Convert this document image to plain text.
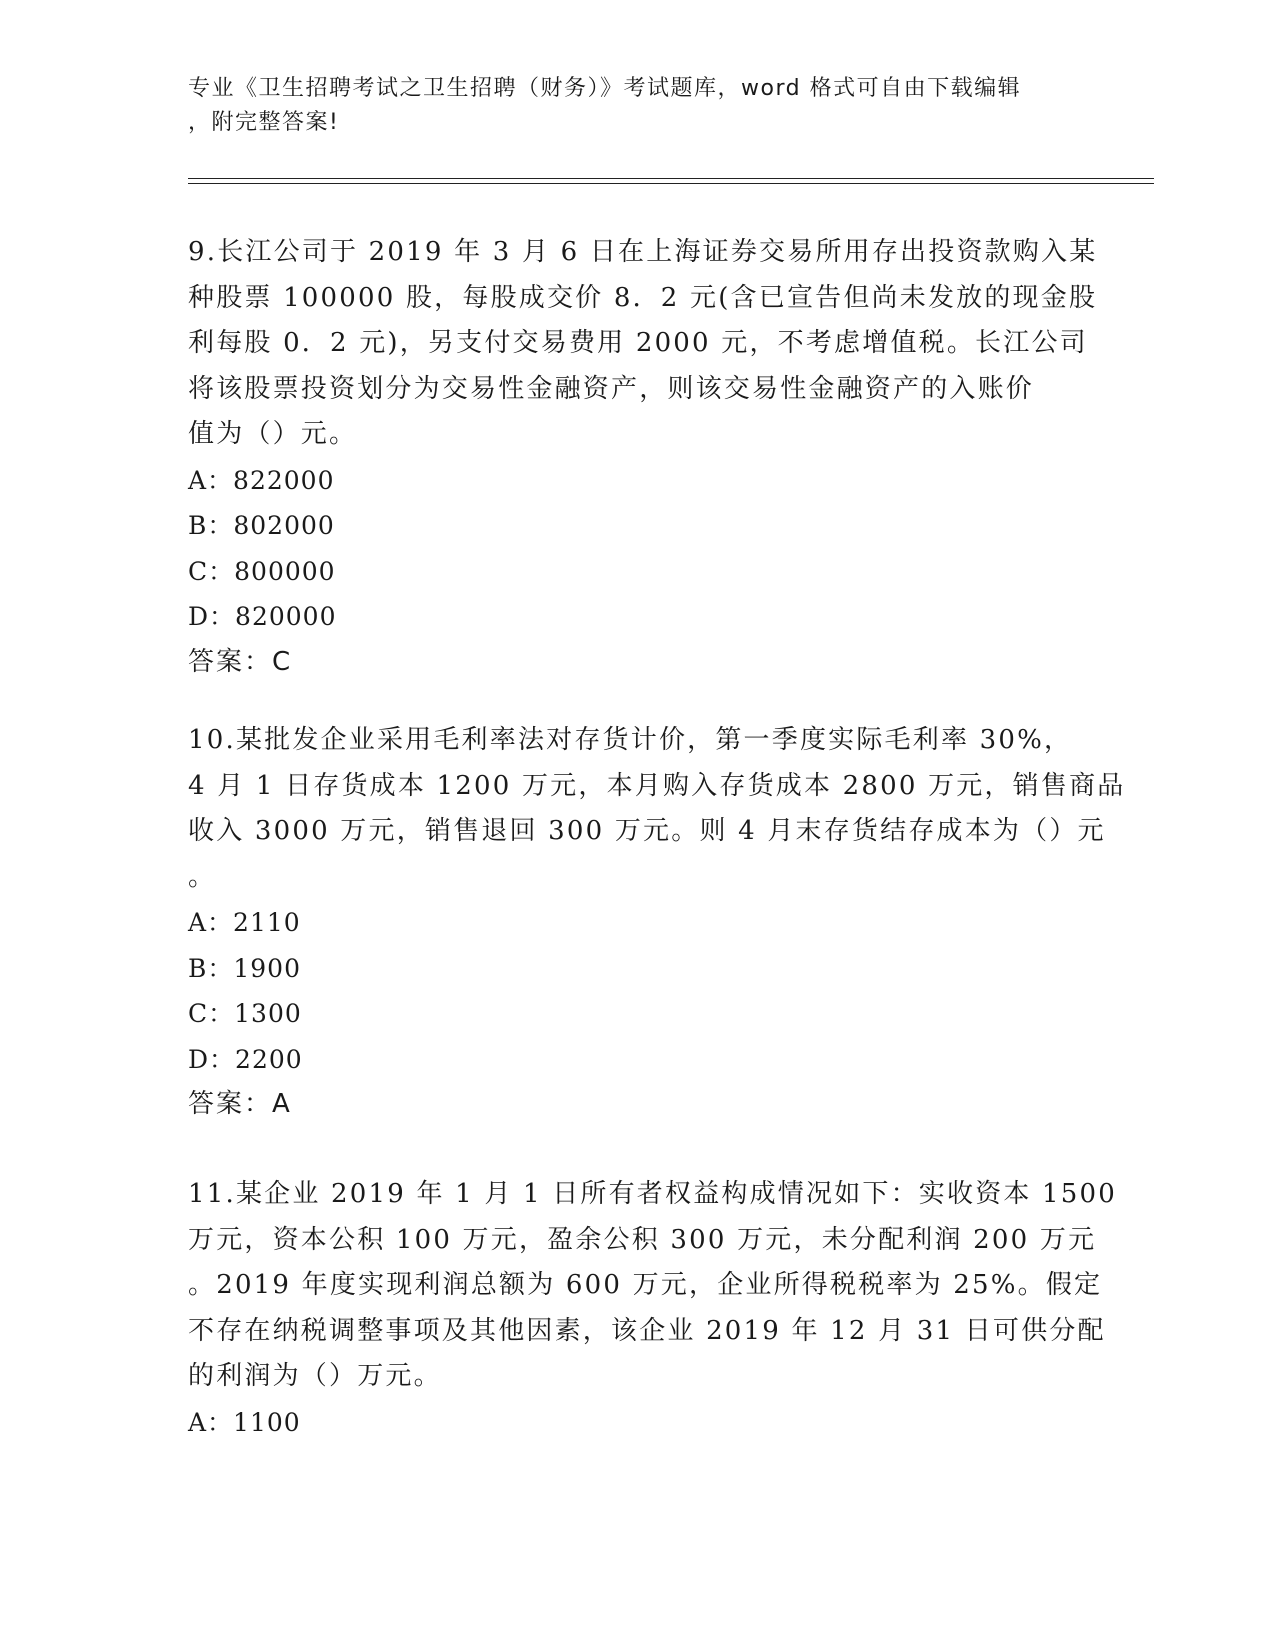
专业《卫生招聘考试之卫生招聘（财务）》考试题库，word 格式可自由下载编辑
，附完整答案!
9.长江公司于 2019 年 3 月 6 日在上海证券交易所用存出投资款购入某
种股票 100000 股，每股成交价 8．2 元(含已宣告但尚未发放的现金股
利每股 0．2 元)，另支付交易费用 2000 元，不考虑增值税。长江公司
将该股票投资划分为交易性金融资产，则该交易性金融资产的入账价
值为（）元。
A：822000
B：802000
C：800000
D：820000
答案：C
10.某批发企业采用毛利率法对存货计价，第一季度实际毛利率 30%，
4 月 1 日存货成本 1200 万元，本月购入存货成本 2800 万元，销售商品
收入 3000 万元，销售退回 300 万元。则 4 月末存货结存成本为（）元
。
A：2110
B：1900
C：1300
D：2200
答案：A
11.某企业 2019 年 1 月 1 日所有者权益构成情况如下：实收资本 1500
万元，资本公积 100 万元，盈余公积 300 万元，未分配利润 200 万元
。2019 年度实现利润总额为 600 万元，企业所得税税率为 25%。假定
不存在纳税调整事项及其他因素，该企业 2019 年 12 月 31 日可供分配
的利润为（）万元。
A：1100
